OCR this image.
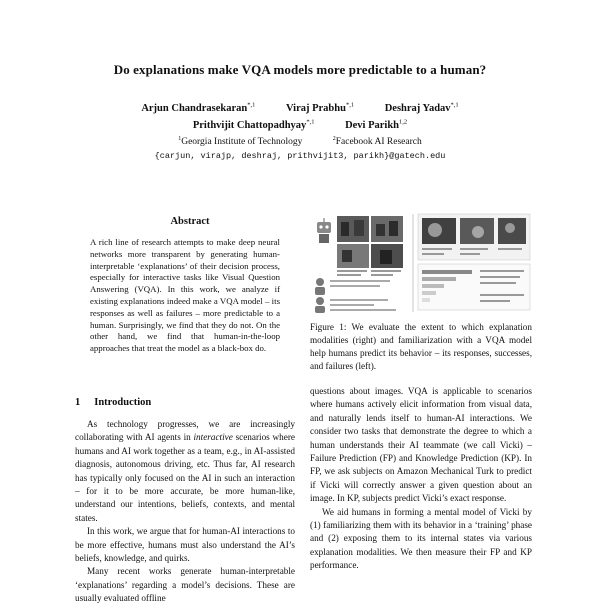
Do explanations make VQA models more predictable to a human?
Arjun Chandrasekaran$^{*,1}$	Viraj Prabhu$^{*,1}$	Deshraj Yadav$^{*,1}$
Prithvijit Chattopadhyay$^{*,1}$	Devi Parikh$^{1,2}$
$^1$Georgia Institute of Technology	$^2$Facebook AI Research
{carjun, virajp, deshraj, prithvijit3, parikh}@gatech.edu
Abstract
A rich line of research attempts to make deep neural networks more transparent by generating human-interpretable ‘explanations’ of their decision process, especially for interactive tasks like Visual Question Answering (VQA). In this work, we analyze if existing explanations indeed make a VQA model – its responses as well as failures – more predictable to a human. Surprisingly, we find that they do not. On the other hand, we find that human-in-the-loop approaches that treat the model as a black-box do.
1 Introduction

As technology progresses, we are increasingly collaborating with AI agents in interactive scenarios where humans and AI work together as a team, e.g., in AI-assisted diagnosis, autonomous driving, etc. Thus far, AI research has typically only focused on the AI in such an interaction – for it to be more accurate, be more human-like, understand our intentions, beliefs, contexts, and mental states.

In this work, we argue that for human-AI interactions to be more effective, humans must also understand the AI’s beliefs, knowledge, and quirks.

Many recent works generate human-interpretable ‘explanations’ regarding a model’s decisions. These are usually evaluated offline

Figure 1: We evaluate the extent to which explanation modalities (right) and familiarization with a VQA model help humans predict its behavior – its responses, successes, and failures (left).

questions about images. VQA is applicable to scenarios where humans actively elicit information from visual data, and naturally lends itself to human-AI interactions. We consider two tasks that demonstrate the degree to which a human understands their AI teammate (we call Vicki) – Failure Prediction (FP) and Knowledge Prediction (KP). In FP, we ask subjects on Amazon Mechanical Turk to predict if Vicki will correctly answer a given question about an image. In KP, subjects predict Vicki’s exact response.

We aid humans in forming a mental model of Vicki by (1) familiarizing them with its behavior in a ‘training’ phase and (2) exposing them to its internal states via various explanation modalities. We then measure their FP and KP performance.
